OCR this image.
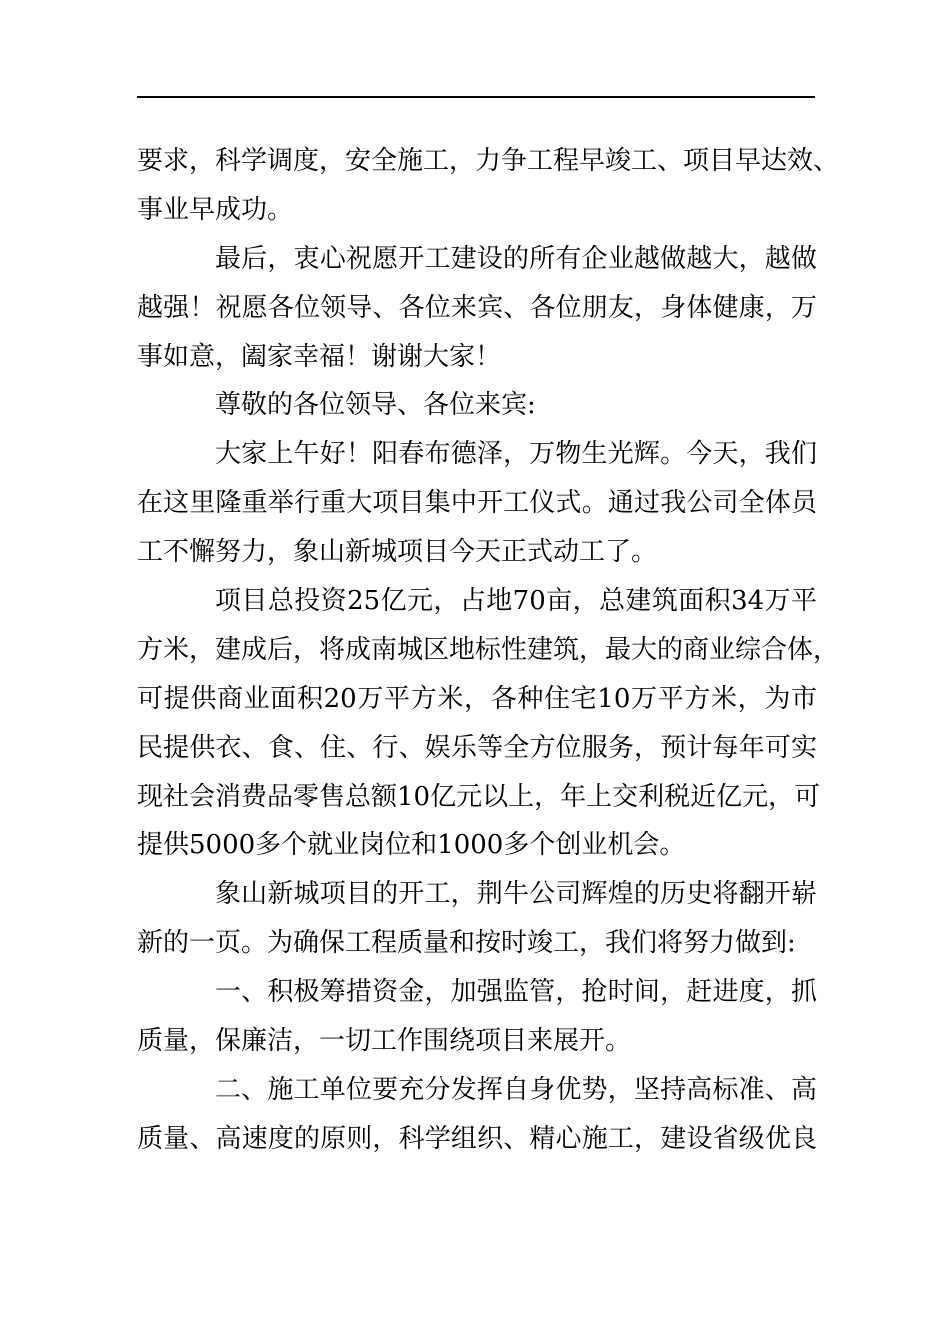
要求，科学调度，安全施工，力争工程早竣工、项目早达效、
事业早成功。
最后，衷心祝愿开工建设的所有企业越做越大，越做
越强！祝愿各位领导、各位来宾、各位朋友，身体健康，万
事如意，阖家幸福！谢谢大家！
尊敬的各位领导、各位来宾:
大家上午好！阳春布德泽，万物生光辉。今天，我们
在这里隆重举行重大项目集中开工仪式。通过我公司全体员
工不懈努力，象山新城项目今天正式动工了。
项目总投资25亿元，占地70亩，总建筑面积34万平
方米，建成后，将成南城区地标性建筑，最大的商业综合体，
可提供商业面积20万平方米，各种住宅10万平方米，为市
民提供衣、食、住、行、娱乐等全方位服务，预计每年可实
现社会消费品零售总额10亿元以上，年上交利税近亿元，可
提供5000多个就业岗位和1000多个创业机会。
象山新城项目的开工，荆牛公司辉煌的历史将翻开崭
新的一页。为确保工程质量和按时竣工，我们将努力做到:
一、积极筹措资金，加强监管，抢时间，赶进度，抓
质量，保廉洁，一切工作围绕项目来展开。
二、施工单位要充分发挥自身优势，坚持高标准、高
质量、高速度的原则，科学组织、精心施工，建设省级优良
